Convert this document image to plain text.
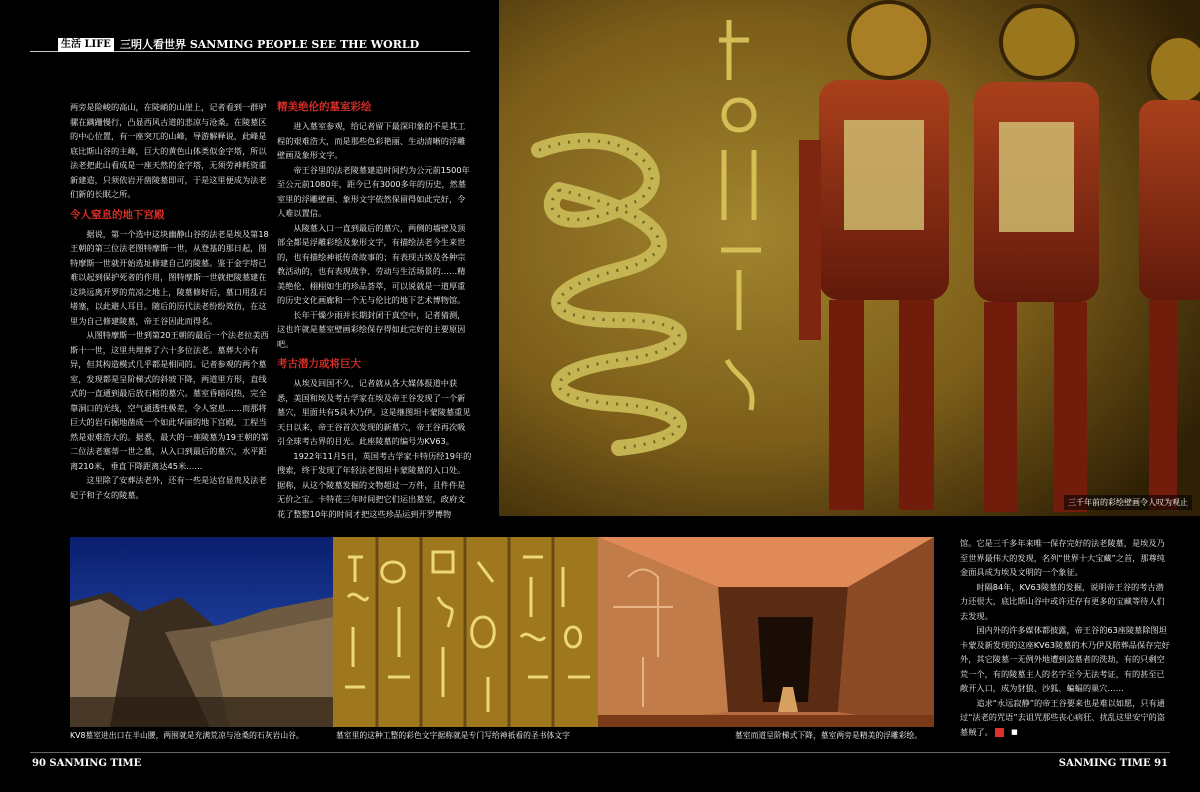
生活 LIFE 三明人看世界 SANMING PEOPLE SEE THE WORLD

两旁是险峻的高山，在陡峭的山崖上，记者看到一群驴骡在蹒跚慢行，凸显西风古道的悲凉与沧桑。在陵墓区的中心位置，有一座突兀的山峰，导游解释说，此峰是底比斯山谷的主峰，巨大的黄色山体类似金字塔，所以法老把此山看成是一座天然的金字塔，无须劳神耗资重新建造，只须依岩开凿陵墓即可，于是这里便成为法老们新的长眠之所。

令人窒息的地下宫殿

据说，第一个选中这块幽静山谷的法老是埃及第18王朝的第三位法老图特摩斯一世，从登基的那日起，图特摩斯一世就开始选址修建自己的陵墓。鉴于金字塔已难以起到保护死者的作用，图特摩斯一世就把陵墓建在这块远离开罗的荒凉之地上，陵墓修好后，墓口用乱石堵塞，以此避人耳目。随后的历代法老纷纷效仿，在这里为自己修建陵墓，帝王谷因此而得名。

从图特摩斯一世到第20王朝的最后一个法老拉美西斯十一世，这里共埋葬了六十多位法老。墓葬大小有异，但其构造模式几乎都是相同的。记者参观的两个墓室，发现都是呈阶梯式的斜坡下降，两道里方形，直线式的一直通到最后放石棺的墓穴。墓室昏暗闷热，完全靠洞口的光线，空气通透性极差，令人窒息……而那将巨大的岩石掘地凿成一个如此华丽的地下宫殿，工程当然是艰难浩大的。据悉，最大的一座陵墓为19王朝的第二位法老塞蒂一世之墓，从入口到最后的墓穴，水平距离210米，垂直下降距离达45米……

这里除了安葬法老外，还有一些是达官显贵及法老妃子和子女的陵墓。

精美绝伦的墓室彩绘

进入墓室参观，给记者留下最深印象的不是其工程的艰难浩大，而是那些色彩艳丽、生动清晰的浮雕壁画及象形文字。

帝王谷里的法老陵墓建造时间约为公元前1500年至公元前1080年，距今已有3000多年的历史，然墓室里的浮雕壁画、象形文字依然保留得如此完好，令人难以置信。

从陵墓入口一直到最后的墓穴，两侧的墙壁及顶部全都是浮雕彩绘及象形文字，有描绘法老今生来世的，也有描绘神祇传奇故事的；有表现古埃及各种宗教活动的，也有表现战争、劳动与生活场景的……精美绝伦、栩栩如生的珍品荟萃，可以说就是一道厚重的历史文化画廊和一个无与伦比的地下艺术博物馆。

长年干燥少雨并长期封闭于真空中，记者猜测，这也许就是墓室壁画彩绘保存得如此完好的主要原因吧。

考古潜力或将巨大

从埃及回国不久，记者就从各大媒体报道中获悉，美国和埃及考古学家在埃及帝王谷发现了一个新墓穴，里面共有5具木乃伊。这是继图坦卡蒙陵墓重见天日以来，帝王谷首次发现的新墓穴，帝王谷再次吸引全球考古界的目光。此座陵墓的编号为KV63。

1922年11月5日，英国考古学家卡特历经19年的搜索，终于发现了年轻法老图坦卡蒙陵墓的入口处。据称，从这个陵墓发掘的文物超过一万件，且件件是无价之宝。卡特花三年时间把它们运出墓室，政府文花了整整10年的时间才把这些珍品运到开罗博物

三千年前的彩绘壁画令人叹为观止
KV8墓室进出口在半山腰，两围就是充满荒凉与沧桑的石灰岩山谷。	墓室里的这种工整的彩色文字据称就是专门写给神祇看的圣书体文字	墓室而道呈阶梯式下降，墓室两旁是精美的浮雕彩绘。

馆。它是三千多年来唯一保存完好的法老陵墓，是埃及乃至世界最伟大的发现，名列“世界十大宝藏”之首，那尊纯金面具成为埃及文明的一个象征。

时隔84年，KV63陵墓的发掘，说明帝王谷的考古潜力还很大，底比斯山谷中或许还存有更多的宝藏等待人们去发现。

国内外的许多媒体都披露，帝王谷的63座陵墓除图坦卡蒙及新发现的这座KV63陵墓的木乃伊及陪葬品保存完好外，其它陵墓一无例外地遭到盗墓者的洗劫，有的只剩空荒一个，有的陵墓主人的名字至今无法考证，有的甚至已敞开入口，成为豺狼、沙狐、蝙蝠的巢穴……

追求“永远寂静”的帝王谷要来也是难以如愿，只有通过“法老的咒语”去诅咒那些丧心病狂、扰乱这里安宁的盗墓贼了。	■

90 SANMING TIME	SANMING TIME 91
